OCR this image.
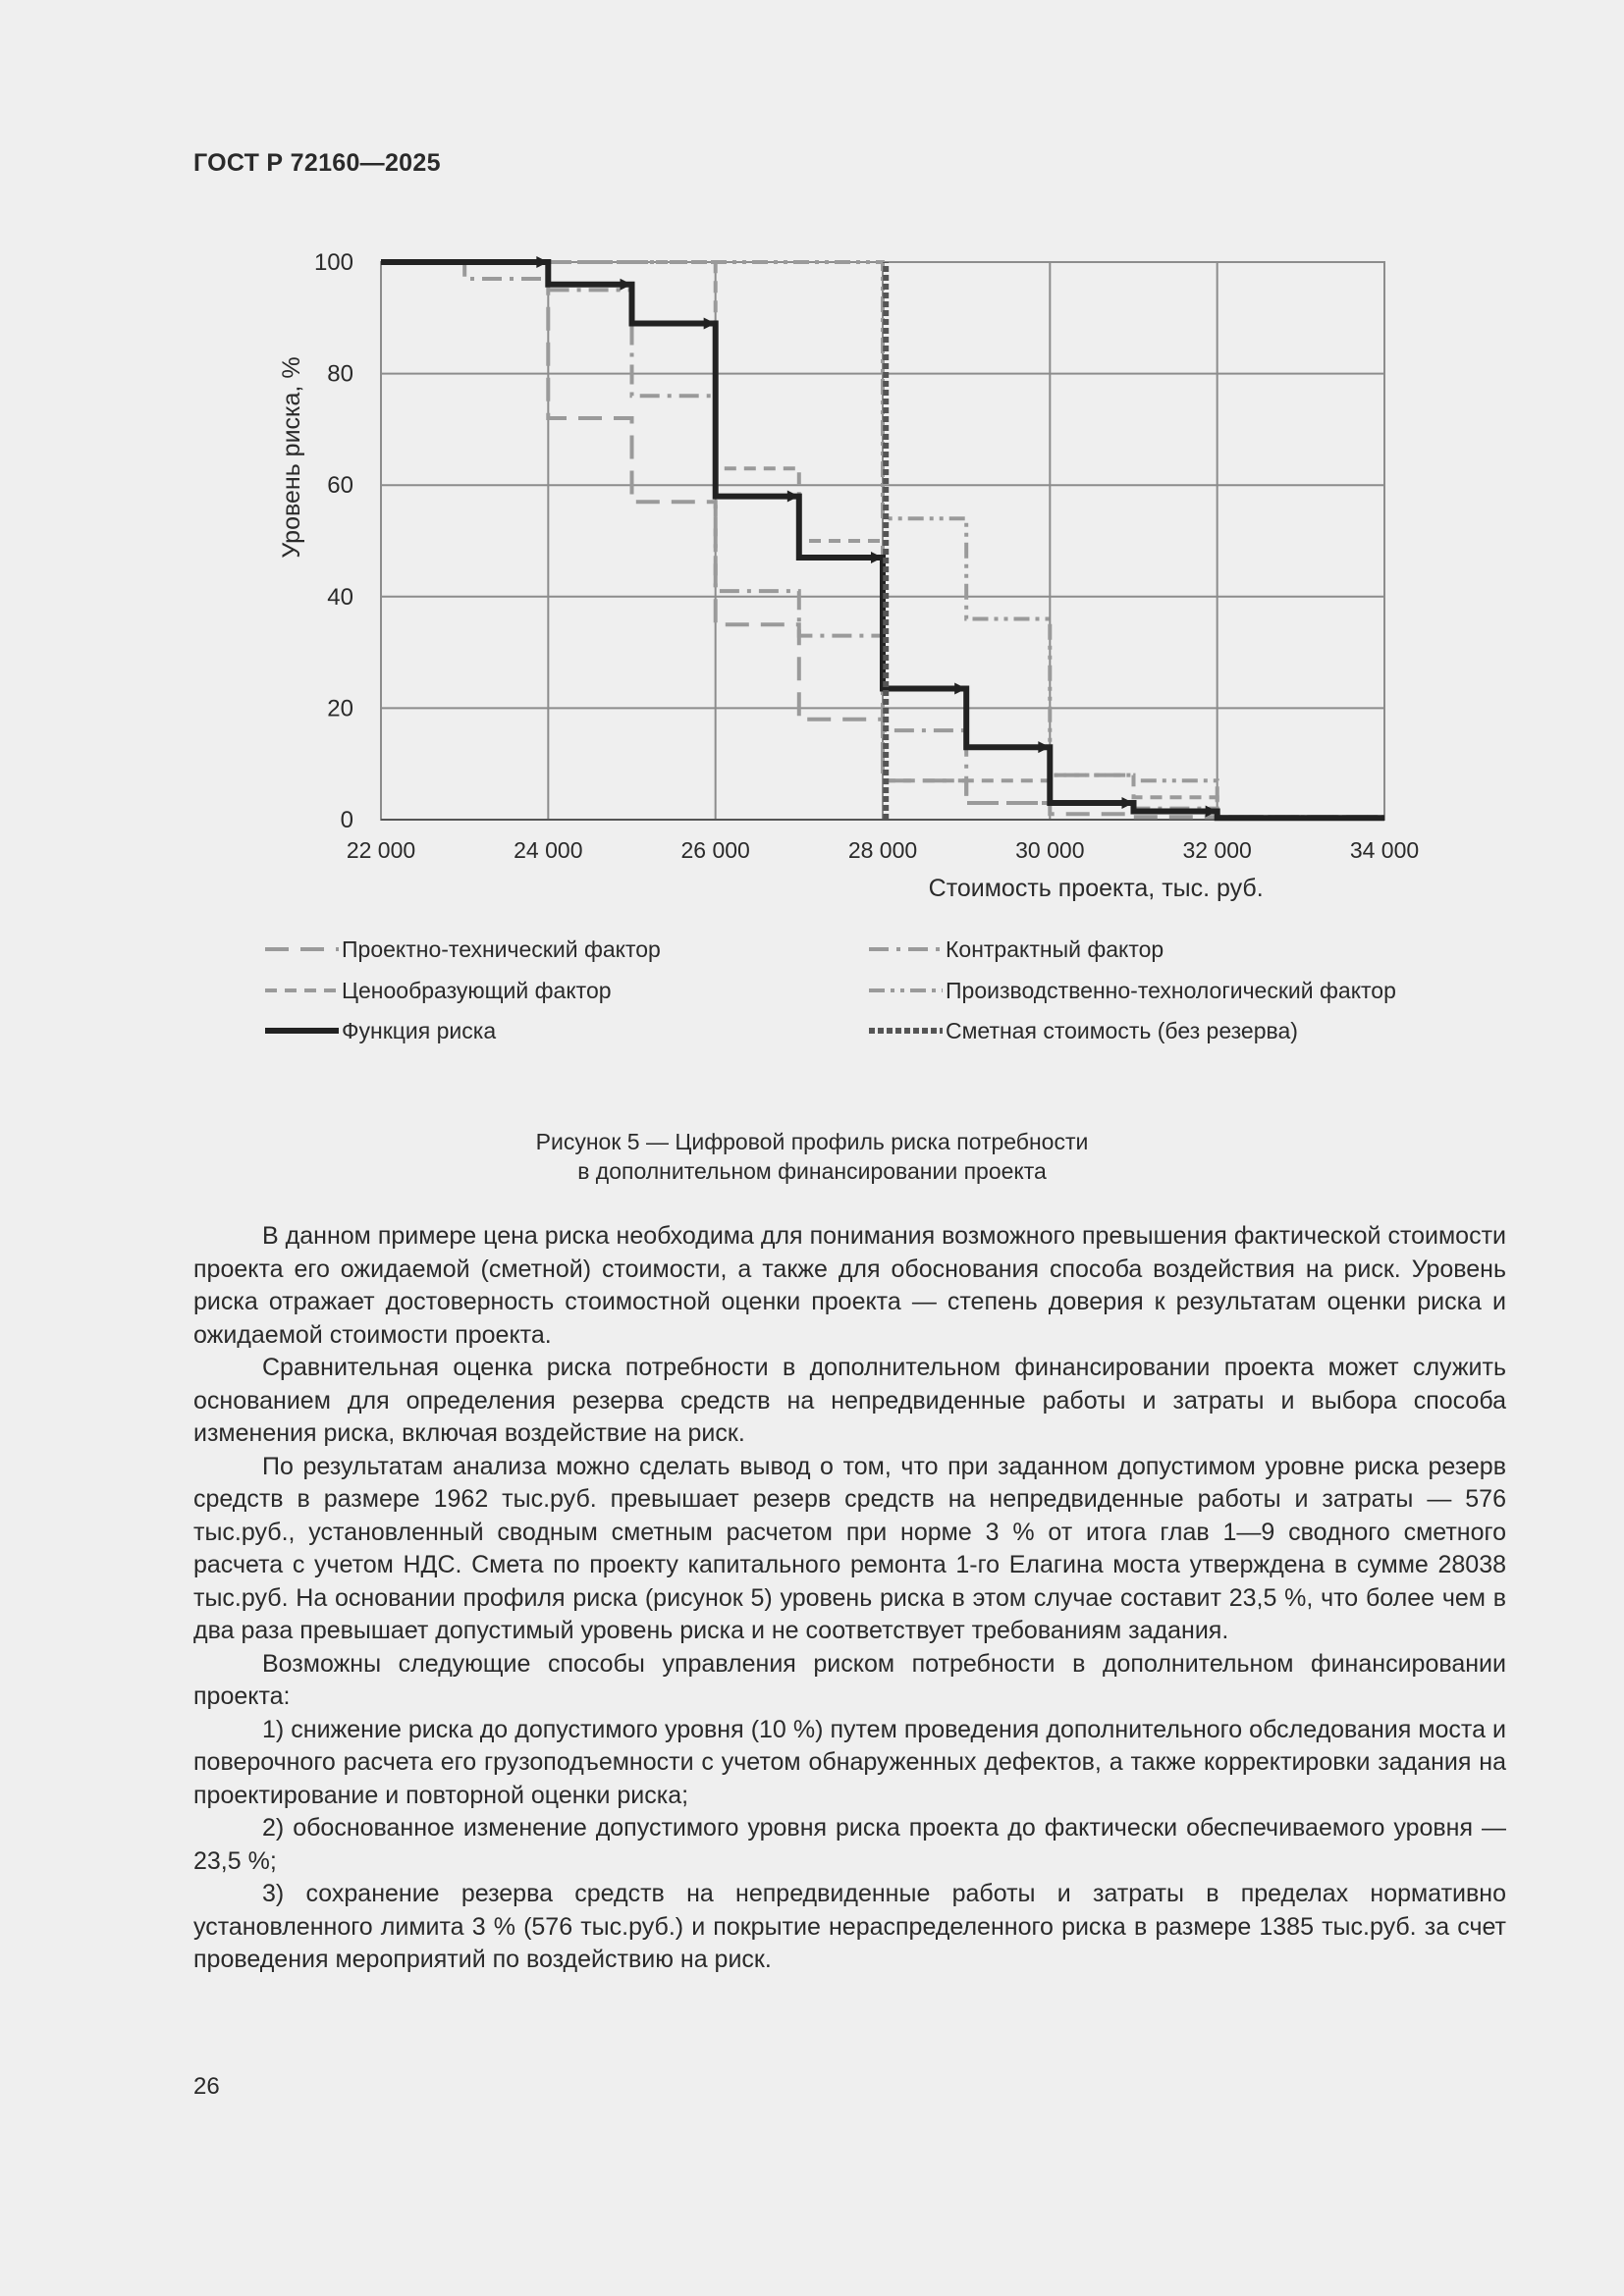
ГОСТ Р 72160—2025
0
20
40
60
80
100
22 000	24 000	26 000	28 000	30 000	32 000	34 000
Стоимость проекта, тыс. руб.
Уровень риска, %
Проектно-технический фактор	Контрактный фактор
Ценообразующий фактор	Производственно-технологический фактор
Функция риска	Сметная стоимость (без резерва)
Рисунок 5 — Цифровой профиль риска потребности
в дополнительном финансировании проекта

В данном примере цена риска необходима для понимания возможного превышения фактической стоимости проекта его ожидаемой (сметной) стоимости, а также для обоснования способа воздействия на риск. Уровень риска отражает достоверность стоимостной оценки проекта — степень доверия к результатам оценки риска и ожидаемой стоимости проекта.

Сравнительная оценка риска потребности в дополнительном финансировании проекта может служить основанием для определения резерва средств на непредвиденные работы и затраты и выбора способа изменения риска, включая воздействие на риск.

По результатам анализа можно сделать вывод о том, что при заданном допустимом уровне риска резерв средств в размере 1962 тыс.руб. превышает резерв средств на непредвиденные работы и затраты — 576 тыс.руб., установленный сводным сметным расчетом при норме 3 % от итога глав 1—9 сводного сметного расчета с учетом НДС. Смета по проекту капитального ремонта 1-го Елагина моста утверждена в сумме 28038 тыс.руб. На основании профиля риска (рисунок 5) уровень риска в этом случае составит 23,5 %, что более чем в два раза превышает допустимый уровень риска и не соответствует требованиям задания.

Возможны следующие способы управления риском потребности в дополнительном финансировании проекта:

1) снижение риска до допустимого уровня (10 %) путем проведения дополнительного обследования моста и поверочного расчета его грузоподъемности с учетом обнаруженных дефектов, а также корректировки задания на проектирование и повторной оценки риска;

2) обоснованное изменение допустимого уровня риска проекта до фактически обеспечиваемого уровня — 23,5 %;

3) сохранение резерва средств на непредвиденные работы и затраты в пределах нормативно установленного лимита 3 % (576 тыс.руб.) и покрытие нераспределенного риска в размере 1385 тыс.руб. за счет проведения мероприятий по воздействию на риск.

26
